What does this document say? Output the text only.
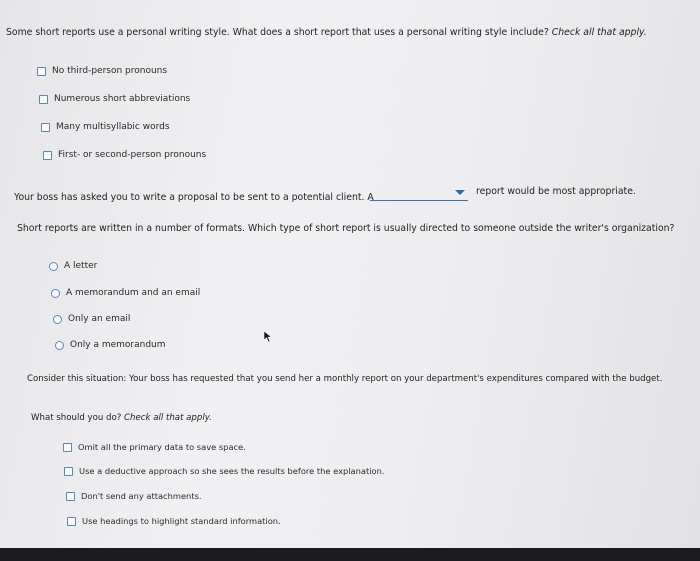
Some short reports use a personal writing style. What does a short report that uses a personal writing style include? Check all that apply.
No third-person pronouns
Numerous short abbreviations
Many multisyllabic words
First- or second-person pronouns
Your boss has asked you to write a proposal to be sent to a potential client. A
report would be most appropriate.
Short reports are written in a number of formats. Which type of short report is usually directed to someone outside the writer's organization?
A letter
A memorandum and an email
Only an email
Only a memorandum
Consider this situation: Your boss has requested that you send her a monthly report on your department's expenditures compared with the budget.
What should you do? Check all that apply.
Omit all the primary data to save space.
Use a deductive approach so she sees the results before the explanation.
Don't send any attachments.
Use headings to highlight standard information.
